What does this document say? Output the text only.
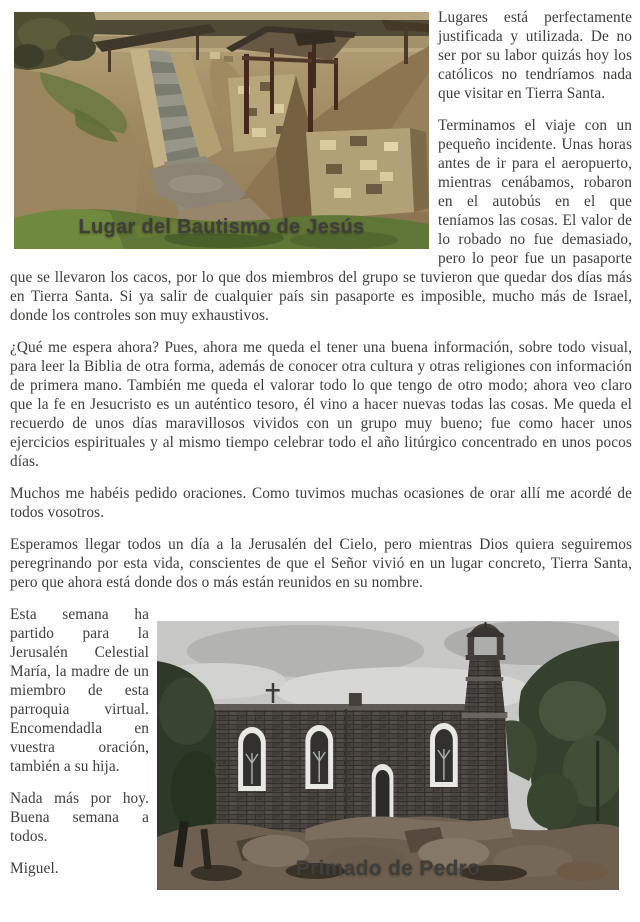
Lugar del Bautismo de Jesús
Lugares está perfectamente justificada y utilizada. De no ser por su labor quizás hoy los católicos no tendríamos nada que visitar en Tierra Santa.

Terminamos el viaje con un pequeño incidente. Unas horas antes de ir para el aeropuerto, mientras cenábamos, robaron en el autobús en el que teníamos las cosas. El valor de lo robado no fue demasiado, pero lo peor fue un pasaporte que se llevaron los cacos, por lo que dos miembros del grupo se tuvieron que quedar dos días más en Tierra Santa. Si ya salir de cualquier país sin pasaporte es imposible, mucho más de Israel, donde los controles son muy exhaustivos.

¿Qué me espera ahora? Pues, ahora me queda el tener una buena información, sobre todo visual, para leer la Biblia de otra forma, además de conocer otra cultura y otras religiones con información de primera mano. También me queda el valorar todo lo que tengo de otro modo; ahora veo claro que la fe en Jesucristo es un auténtico tesoro, él vino a hacer nuevas todas las cosas. Me queda el recuerdo de unos días maravillosos vividos con un grupo muy bueno; fue como hacer unos ejercicios espirituales y al mismo tiempo celebrar todo el año litúrgico concentrado en unos pocos días.

Muchos me habéis pedido oraciones. Como tuvimos muchas ocasiones de orar allí me acordé de todos vosotros.

Esperamos llegar todos un día a la Jerusalén del Cielo, pero mientras Dios quiera seguiremos peregrinando por esta vida, conscientes de que el Señor vivió en un lugar concreto, Tierra Santa, pero que ahora está donde dos o más están reunidos en su nombre.

Primado de Pedro
Esta semana ha partido para la Jerusalén Celestial María, la madre de un miembro de esta parroquia virtual. Encomendadla en vuestra oración, también a su hija.

Nada más por hoy. Buena semana a todos.

Miguel.
